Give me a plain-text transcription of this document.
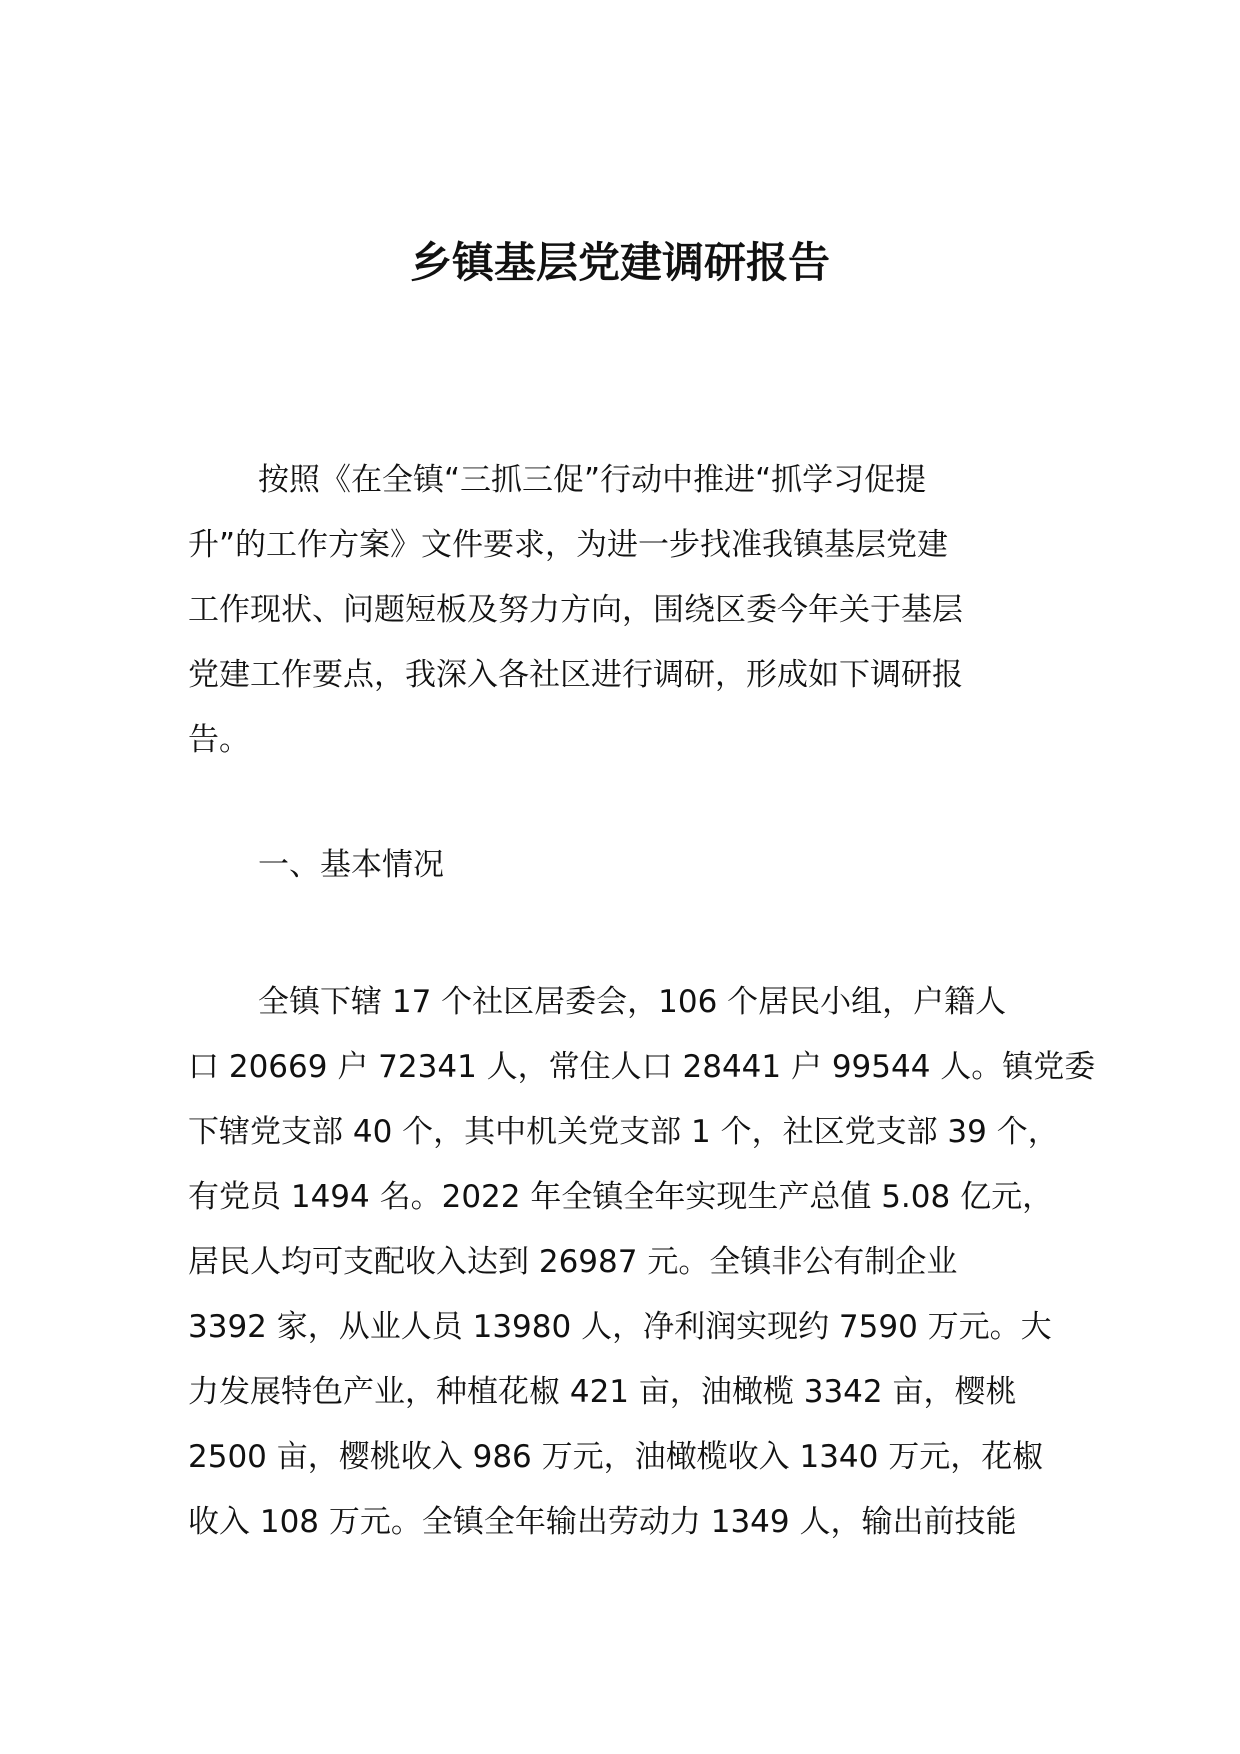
乡镇基层党建调研报告
按照《在全镇“三抓三促”行动中推进“抓学习促提
升”的工作方案》文件要求，为进一步找准我镇基层党建
工作现状、问题短板及努力方向，围绕区委今年关于基层
党建工作要点，我深入各社区进行调研，形成如下调研报
告。
一、基本情况
全镇下辖 17 个社区居委会，106 个居民小组，户籍人
口 20669 户 72341 人，常住人口 28441 户 99544 人。镇党委
下辖党支部 40 个，其中机关党支部 1 个，社区党支部 39 个，
有党员 1494 名。2022 年全镇全年实现生产总值 5.08 亿元，
居民人均可支配收入达到 26987 元。全镇非公有制企业
3392 家，从业人员 13980 人，净利润实现约 7590 万元。大
力发展特色产业，种植花椒 421 亩，油橄榄 3342 亩，樱桃
2500 亩，樱桃收入 986 万元，油橄榄收入 1340 万元，花椒
收入 108 万元。全镇全年输出劳动力 1349 人，输出前技能
